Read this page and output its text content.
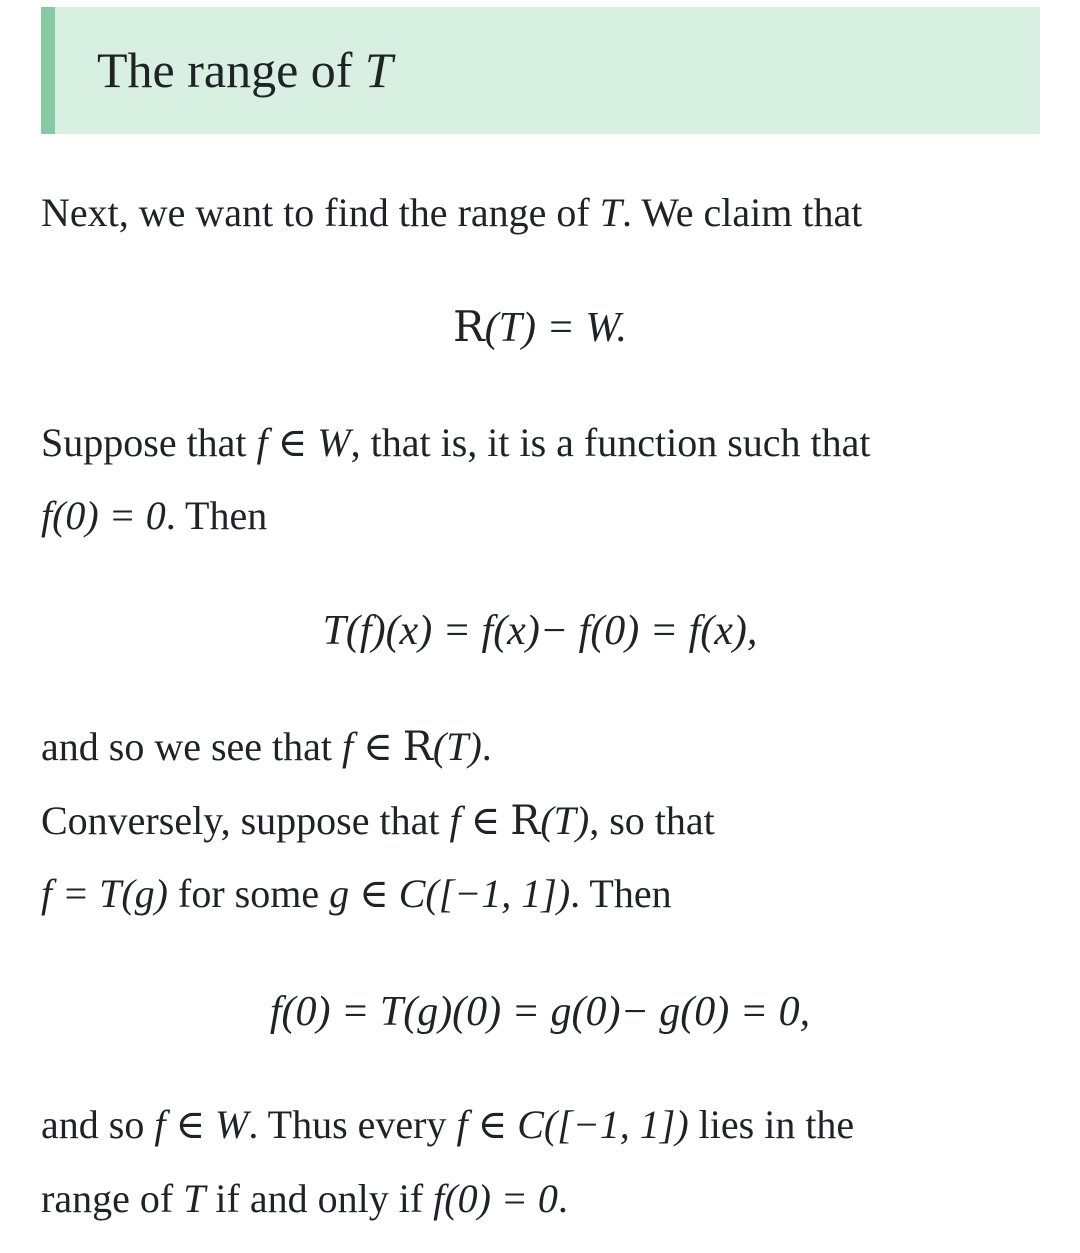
The range of T
Next, we want to find the range of T. We claim that
R(T) = W.
Suppose that f ∈ W, that is, it is a function such that
f(0) = 0. Then
T(f)(x) = f(x)− f(0) = f(x),
and so we see that f ∈ R(T).
Conversely, suppose that f ∈ R(T), so that
f = T(g) for some g ∈ C([−1, 1]). Then
f(0) = T(g)(0) = g(0)− g(0) = 0,
and so f ∈ W. Thus every f ∈ C([−1, 1]) lies in the
range of T if and only if f(0) = 0.
